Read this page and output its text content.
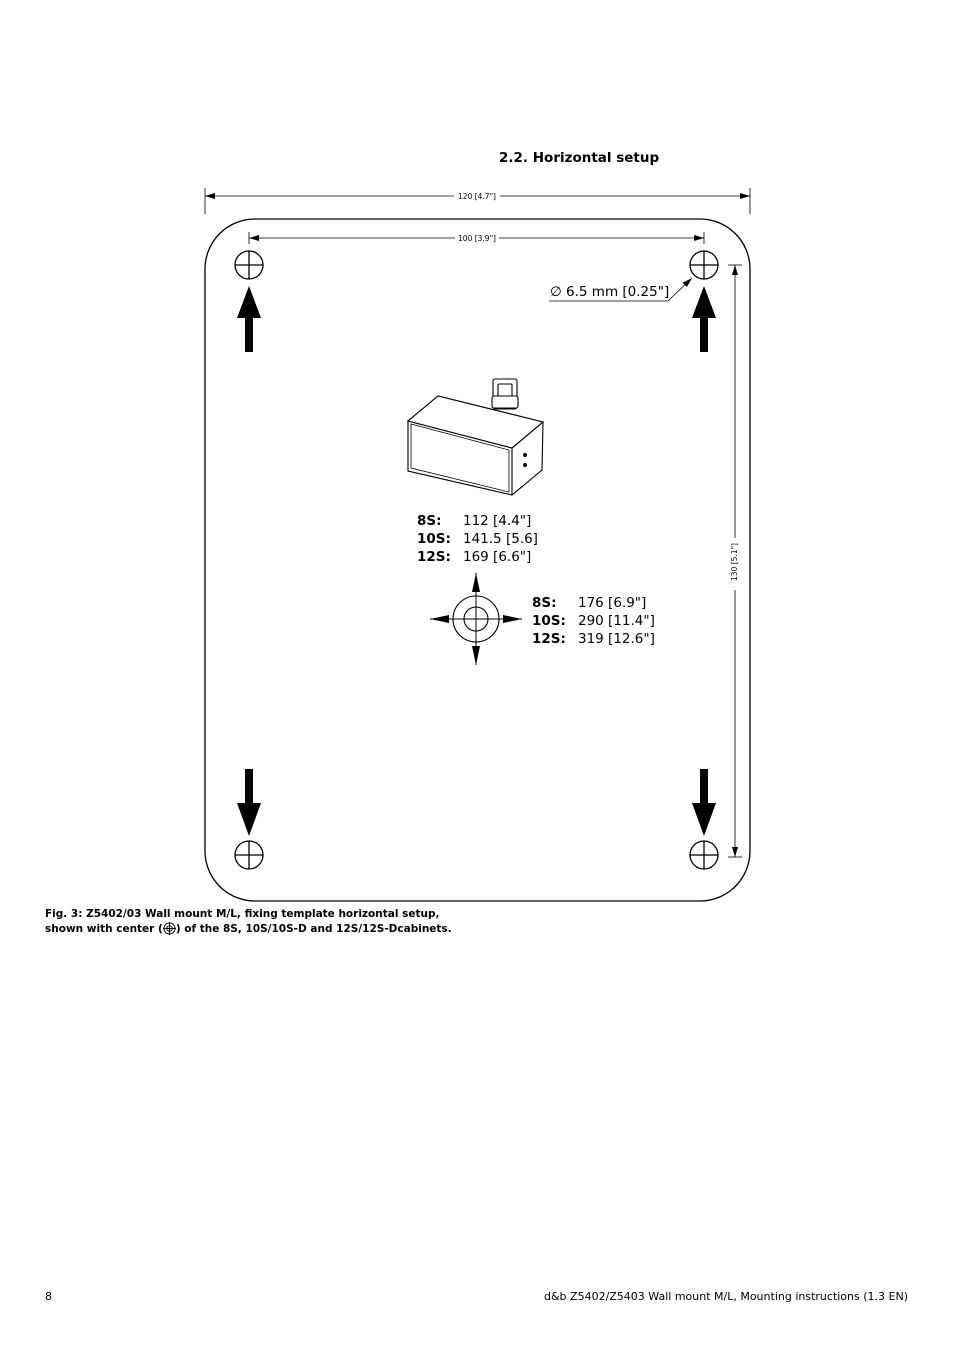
2.2. Horizontal setup
120 [4.7"]
100 [3.9"]
130 [5.1"]
∅ 6.5 mm [0.25"]
8S: 112 [4.4"]
10S: 141.5 [5.6]
12S: 169 [6.6"]
8S: 176 [6.9"]
10S: 290 [11.4"]
12S: 319 [12.6"]
Fig. 3: Z5402/03 Wall mount M/L, fixing template horizontal setup,
shown with center ( ) of the 8S, 10S/10S-D and 12S/12S-Dcabinets.
8	d&b Z5402/Z5403 Wall mount M/L, Mounting instructions (1.3 EN)
